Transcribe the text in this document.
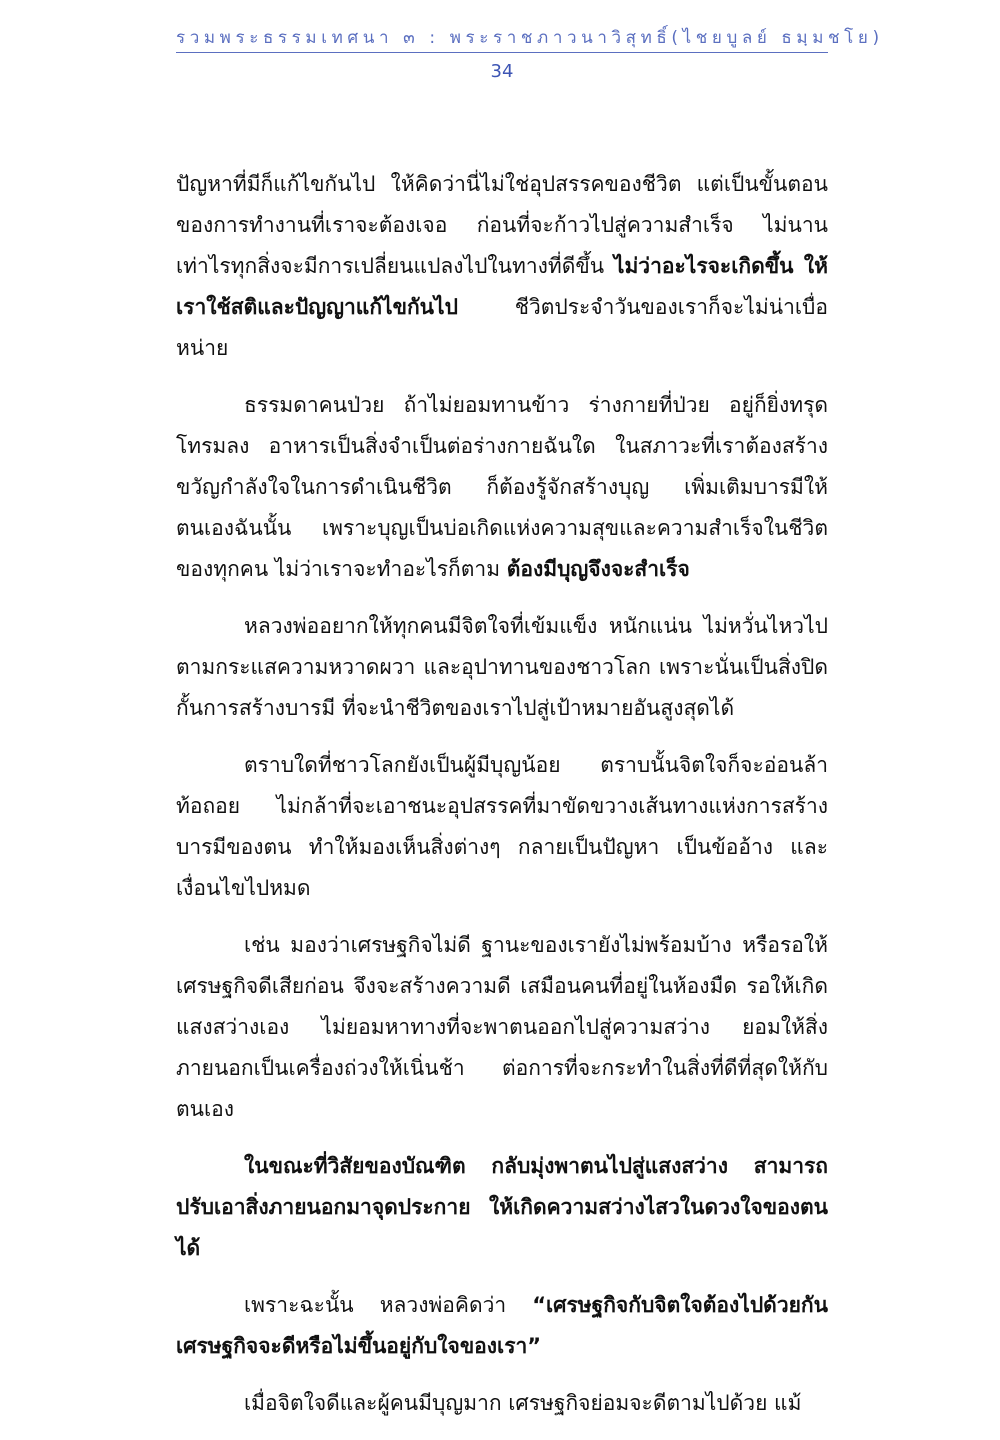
รวมพระธรรมเทศนา ๓ : พระราชภาวนาวิสุทธิ์(ไชยบูลย์ ธมฺมชโย)
34

ปัญหาที่มีก็แก้ไขกันไป ให้คิดว่านี่ไม่ใช่อุปสรรคของชีวิต แต่เป็นขั้นตอนของการทำงานที่เราจะต้องเจอ ก่อนที่จะก้าวไปสู่ความสำเร็จ ไม่นานเท่าไรทุกสิ่งจะมีการเปลี่ยนแปลงไปในทางที่ดีขึ้น ไม่ว่าอะไรจะเกิดขึ้น ให้เราใช้สติและปัญญาแก้ไขกันไป ชีวิตประจำวันของเราก็จะไม่น่าเบื่อหน่าย

ธรรมดาคนป่วย ถ้าไม่ยอมทานข้าว ร่างกายที่ป่วย อยู่ก็ยิ่งทรุดโทรมลง อาหารเป็นสิ่งจำเป็นต่อร่างกายฉันใด ในสภาวะที่เราต้องสร้างขวัญกำลังใจในการดำเนินชีวิต ก็ต้องรู้จักสร้างบุญ เพิ่มเติมบารมีให้ตนเองฉันนั้น เพราะบุญเป็นบ่อเกิดแห่งความสุขและความสำเร็จในชีวิตของทุกคน ไม่ว่าเราจะทำอะไรก็ตาม ต้องมีบุญจึงจะสำเร็จ

หลวงพ่ออยากให้ทุกคนมีจิตใจที่เข้มแข็ง หนักแน่น ไม่หวั่นไหวไปตามกระแสความหวาดผวา และอุปาทานของชาวโลก เพราะนั่นเป็นสิ่งปิดกั้นการสร้างบารมี ที่จะนำชีวิตของเราไปสู่เป้าหมายอันสูงสุดได้

ตราบใดที่ชาวโลกยังเป็นผู้มีบุญน้อย ตราบนั้นจิตใจก็จะอ่อนล้าท้อถอย ไม่กล้าที่จะเอาชนะอุปสรรคที่มาขัดขวางเส้นทางแห่งการสร้างบารมีของตน ทำให้มองเห็นสิ่งต่างๆ กลายเป็นปัญหา เป็นข้ออ้าง และเงื่อนไขไปหมด

เช่น มองว่าเศรษฐกิจไม่ดี ฐานะของเรายังไม่พร้อมบ้าง หรือรอให้เศรษฐกิจดีเสียก่อน จึงจะสร้างความดี เสมือนคนที่อยู่ในห้องมืด รอให้เกิดแสงสว่างเอง ไม่ยอมหาทางที่จะพาตนออกไปสู่ความสว่าง ยอมให้สิ่งภายนอกเป็นเครื่องถ่วงให้เนิ่นช้า ต่อการที่จะกระทำในสิ่งที่ดีที่สุดให้กับตนเอง

ในขณะที่วิสัยของบัณฑิต กลับมุ่งพาตนไปสู่แสงสว่าง สามารถปรับเอาสิ่งภายนอกมาจุดประกาย ให้เกิดความสว่างไสวในดวงใจของตนได้

เพราะฉะนั้น หลวงพ่อคิดว่า “เศรษฐกิจกับจิตใจต้องไปด้วยกัน เศรษฐกิจจะดีหรือไม่ขึ้นอยู่กับใจของเรา”

เมื่อจิตใจดีและผู้คนมีบุญมาก เศรษฐกิจย่อมจะดีตามไปด้วย แม้
